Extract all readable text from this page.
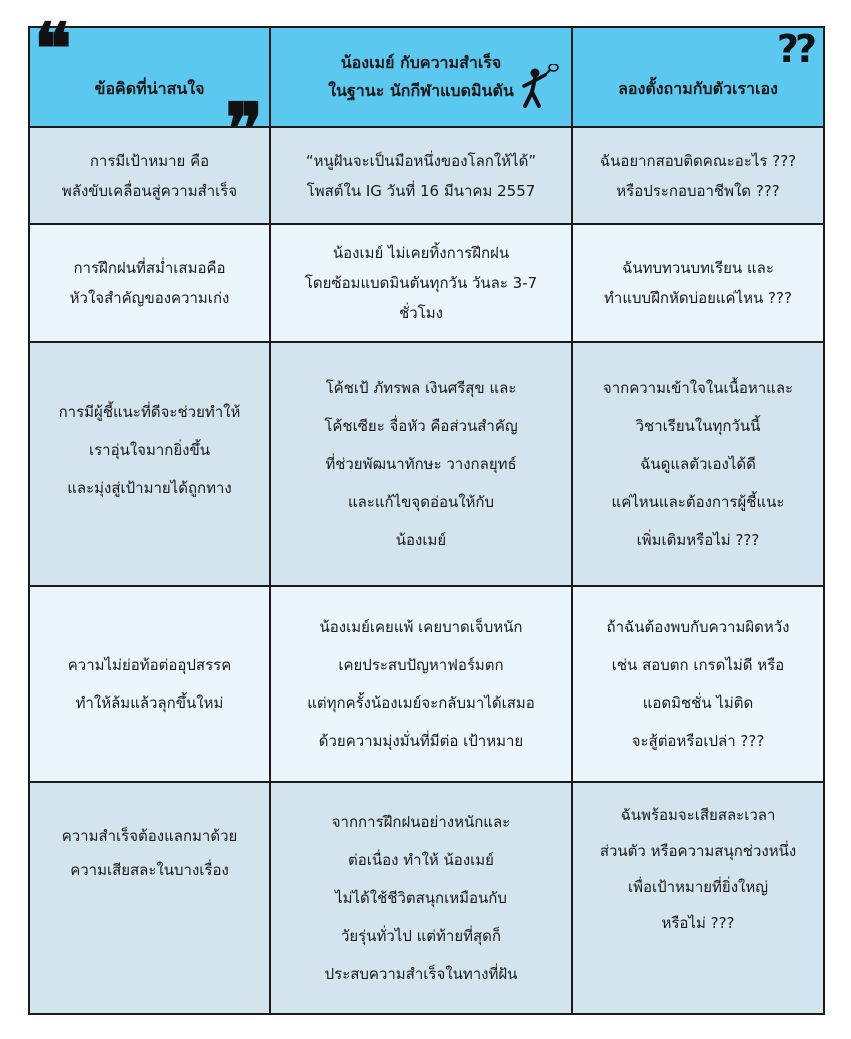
❝ ข้อคิดที่น่าสนใจ
น้องเมย์ กับความสำเร็จ
ในฐานะ นักกีฬาแบดมินตัน
??
ลองตั้งถามกับตัวเราเอง
การมีเป้าหมาย คือ
พลังขับเคลื่อนสู่ความสำเร็จ
“หนูฝันจะเป็นมือหนึ่งของโลกให้ได้”
โพสต์ใน IG วันที่ 16 มีนาคม 2557
ฉันอยากสอบติดคณะอะไร ???
หรือประกอบอาชีพใด ???
การฝึกฝนที่สม่ำเสมอคือ
หัวใจสำคัญของความเก่ง
น้องเมย์ ไม่เคยทิ้งการฝึกฝน
โดยซ้อมแบดมินตันทุกวัน วันละ 3-7
ชั่วโมง
ฉันทบทวนบทเรียน และ
ทำแบบฝึกหัดบ่อยแค่ไหน ???
การมีผู้ชี้แนะที่ดีจะช่วยทำให้
เราอุ่นใจมากยิ่งขึ้น
และมุ่งสู่เป้ามายได้ถูกทาง
โค้ชเป้ ภัทรพล เงินศรีสุข และ
โค้ชเซียะ จื่อหัว คือส่วนสำคัญ
ที่ช่วยพัฒนาทักษะ วางกลยุทธ์
และแก้ไขจุดอ่อนให้กับ
น้องเมย์
จากความเข้าใจในเนื้อหาและ
วิชาเรียนในทุกวันนี้
ฉันดูแลตัวเองได้ดี
แค่ไหนและต้องการผู้ชี้แนะ
เพิ่มเติมหรือไม่ ???
ความไม่ย่อท้อต่ออุปสรรค
ทำให้ล้มแล้วลุกขึ้นใหม่
น้องเมย์เคยแพ้ เคยบาดเจ็บหนัก
เคยประสบปัญหาฟอร์มตก
แต่ทุกครั้งน้องเมย์จะกลับมาได้เสมอ
ด้วยความมุ่งมั่นที่มีต่อ เป้าหมาย
ถ้าฉันต้องพบกับความผิดหวัง
เช่น สอบตก เกรดไม่ดี หรือ
แอดมิชชั่น ไม่ติด
จะสู้ต่อหรือเปล่า ???
ความสำเร็จต้องแลกมาด้วย
ความเสียสละในบางเรื่อง
จากการฝึกฝนอย่างหนักและ
ต่อเนื่อง ทำให้ น้องเมย์
ไม่ได้ใช้ชีวิตสนุกเหมือนกับ
วัยรุ่นทั่วไป แต่ท้ายที่สุดก็
ประสบความสำเร็จในทางที่ฝัน
ฉันพร้อมจะเสียสละเวลา
ส่วนตัว หรือความสนุกช่วงหนึ่ง
เพื่อเป้าหมายที่ยิ่งใหญ่
หรือไม่ ???
